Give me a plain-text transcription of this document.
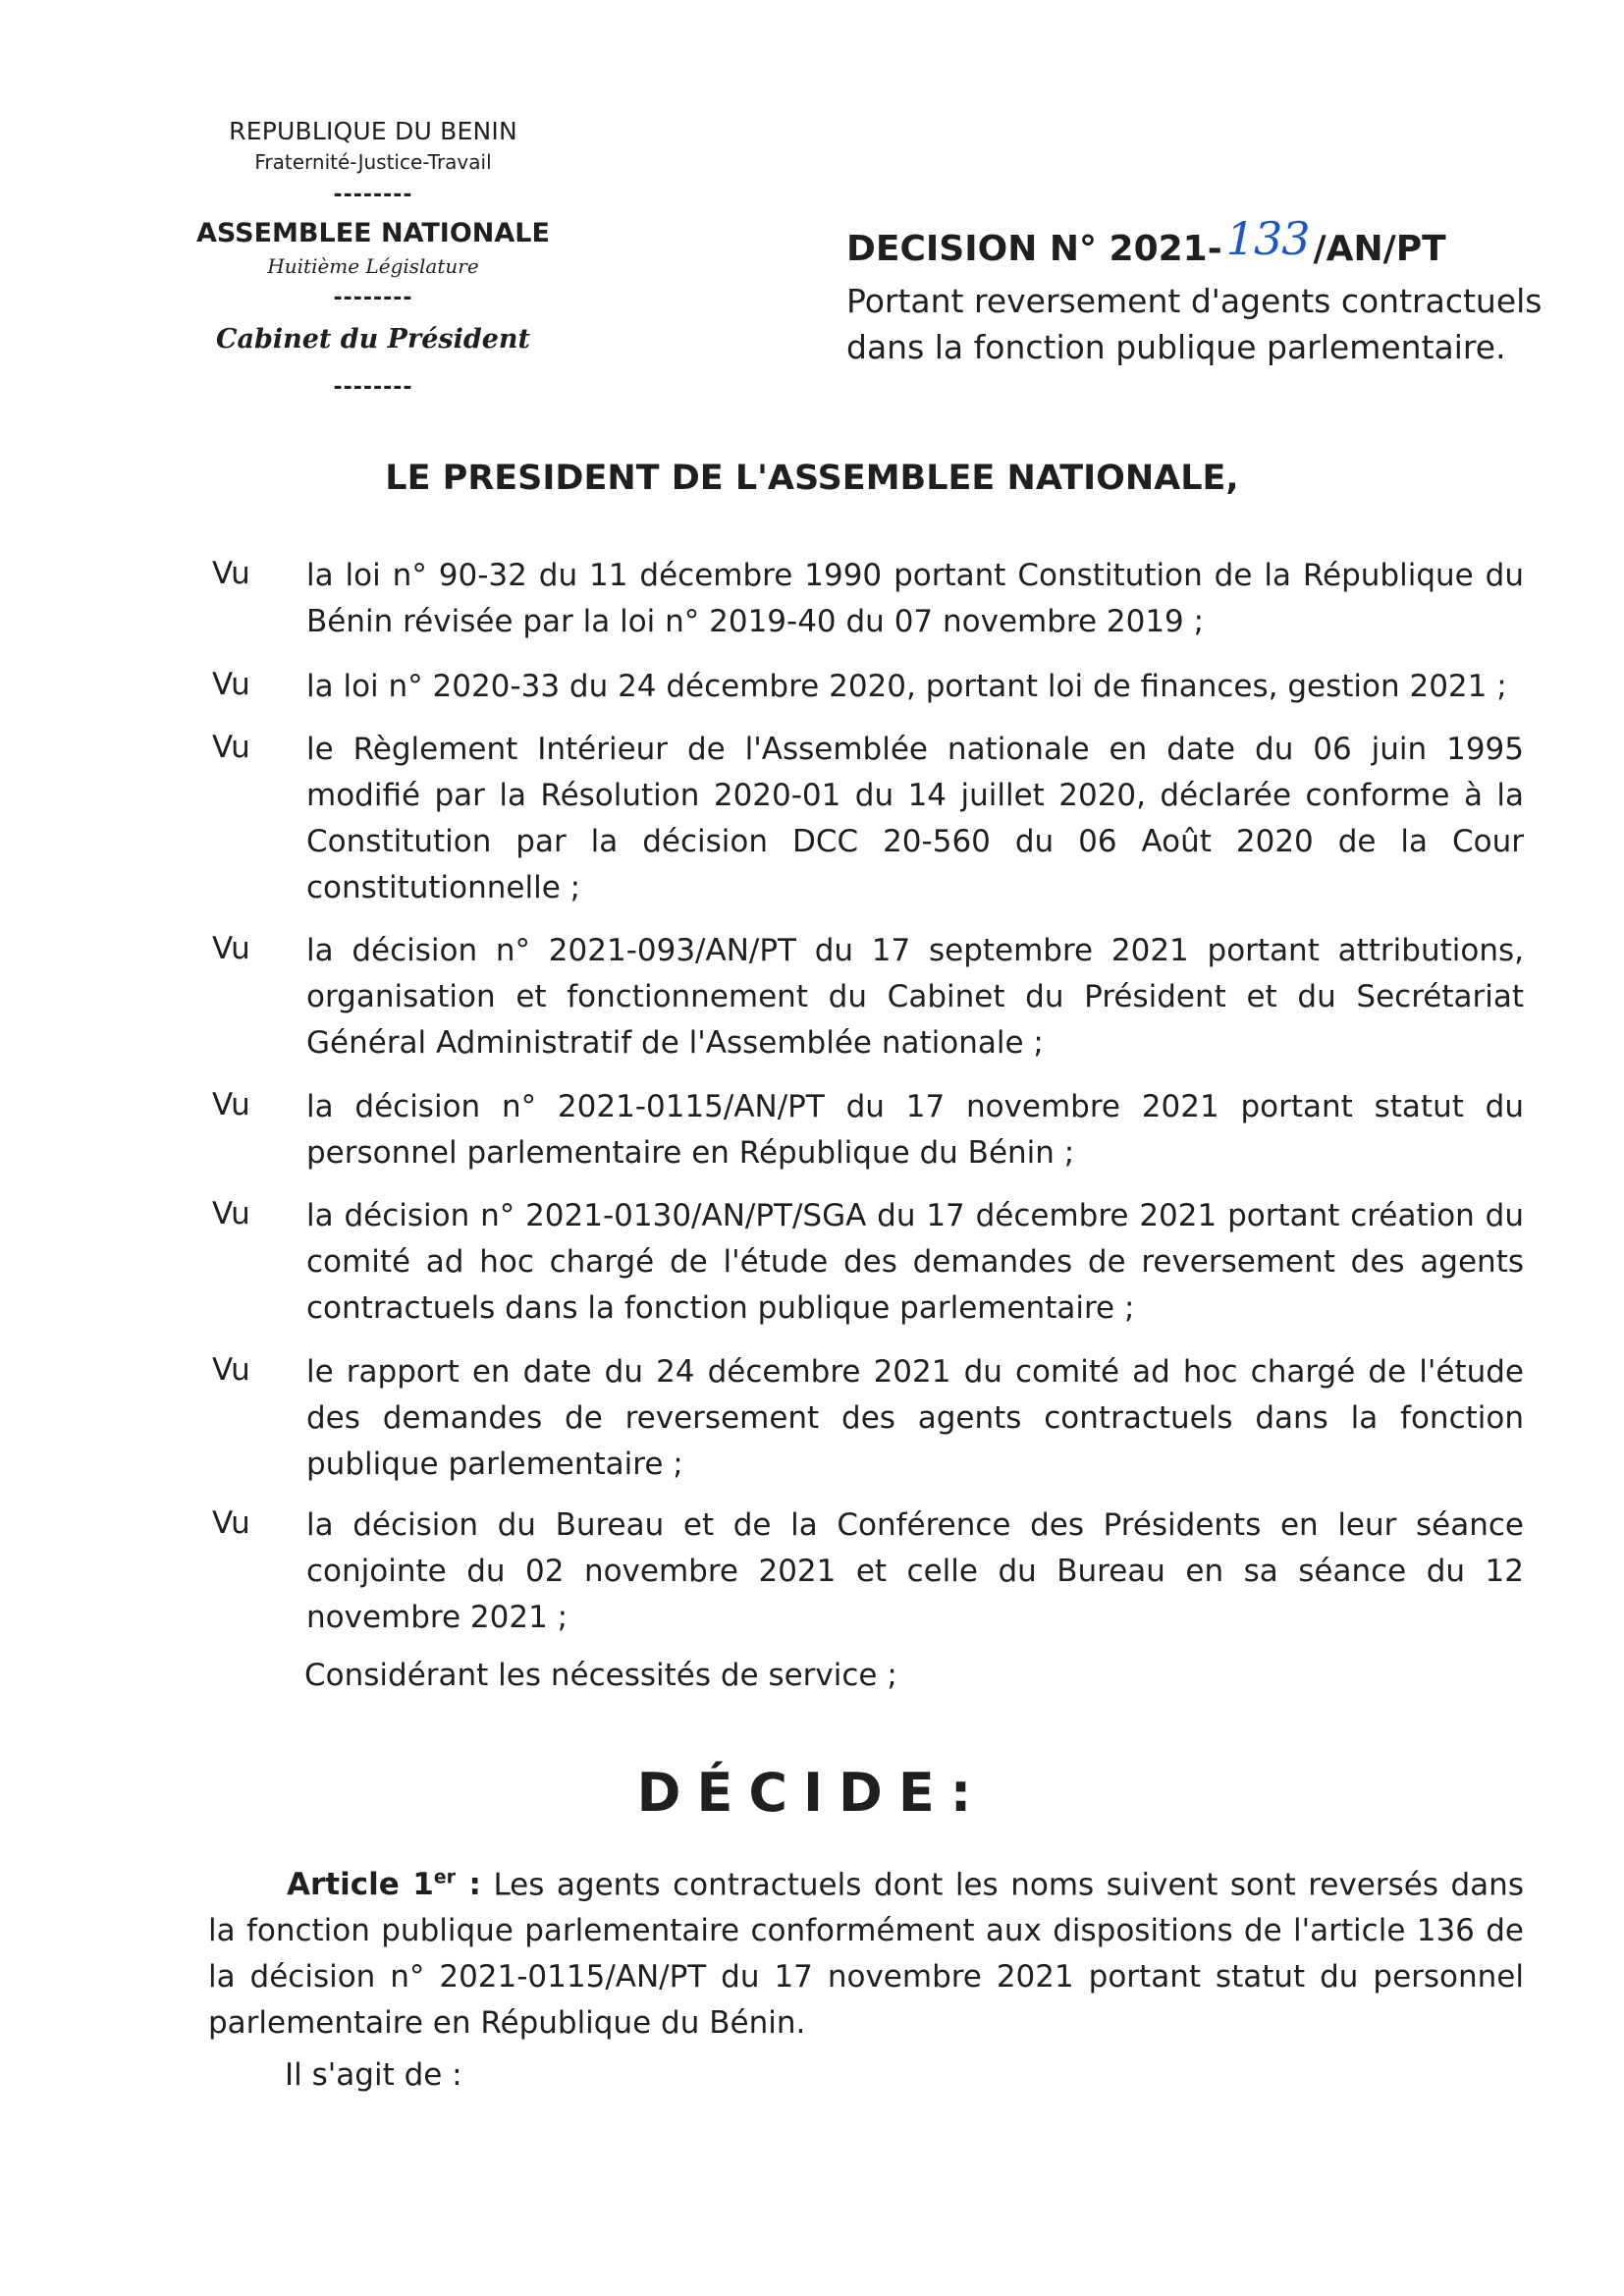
REPUBLIQUE DU BENIN
Fraternité-Justice-Travail
--------
ASSEMBLEE NATIONALE
Huitième Législature
--------
Cabinet du Président
--------
DECISION N° 2021-133 /AN/PT
Portant reversement d'agents contractuels dans la fonction publique parlementaire.
LE PRESIDENT DE L'ASSEMBLEE NATIONALE,
Vu la loi n° 90-32 du 11 décembre 1990 portant Constitution de la République du Bénin révisée par la loi n° 2019-40 du 07 novembre 2019 ;
Vu la loi n° 2020-33 du 24 décembre 2020, portant loi de finances, gestion 2021 ;
Vu le Règlement Intérieur de l'Assemblée nationale en date du 06 juin 1995 modifié par la Résolution 2020-01 du 14 juillet 2020, déclarée conforme à la Constitution par la décision DCC 20-560 du 06 Août 2020 de la Cour constitutionnelle ;
Vu la décision n° 2021-093/AN/PT du 17 septembre 2021 portant attributions, organisation et fonctionnement du Cabinet du Président et du Secrétariat Général Administratif de l'Assemblée nationale ;
Vu la décision n° 2021-0115/AN/PT du 17 novembre 2021 portant statut du personnel parlementaire en République du Bénin ;
Vu la décision n° 2021-0130/AN/PT/SGA du 17 décembre 2021 portant création du comité ad hoc chargé de l'étude des demandes de reversement des agents contractuels dans la fonction publique parlementaire ;
Vu le rapport en date du 24 décembre 2021 du comité ad hoc chargé de l'étude des demandes de reversement des agents contractuels dans la fonction publique parlementaire ;
Vu la décision du Bureau et de la Conférence des Présidents en leur séance conjointe du 02 novembre 2021 et celle du Bureau en sa séance du 12 novembre 2021 ;
Considérant les nécessités de service ;
DÉCIDE:
Article 1er : Les agents contractuels dont les noms suivent sont reversés dans la fonction publique parlementaire conformément aux dispositions de l'article 136 de la décision n° 2021-0115/AN/PT du 17 novembre 2021 portant statut du personnel parlementaire en République du Bénin.
Il s'agit de :
